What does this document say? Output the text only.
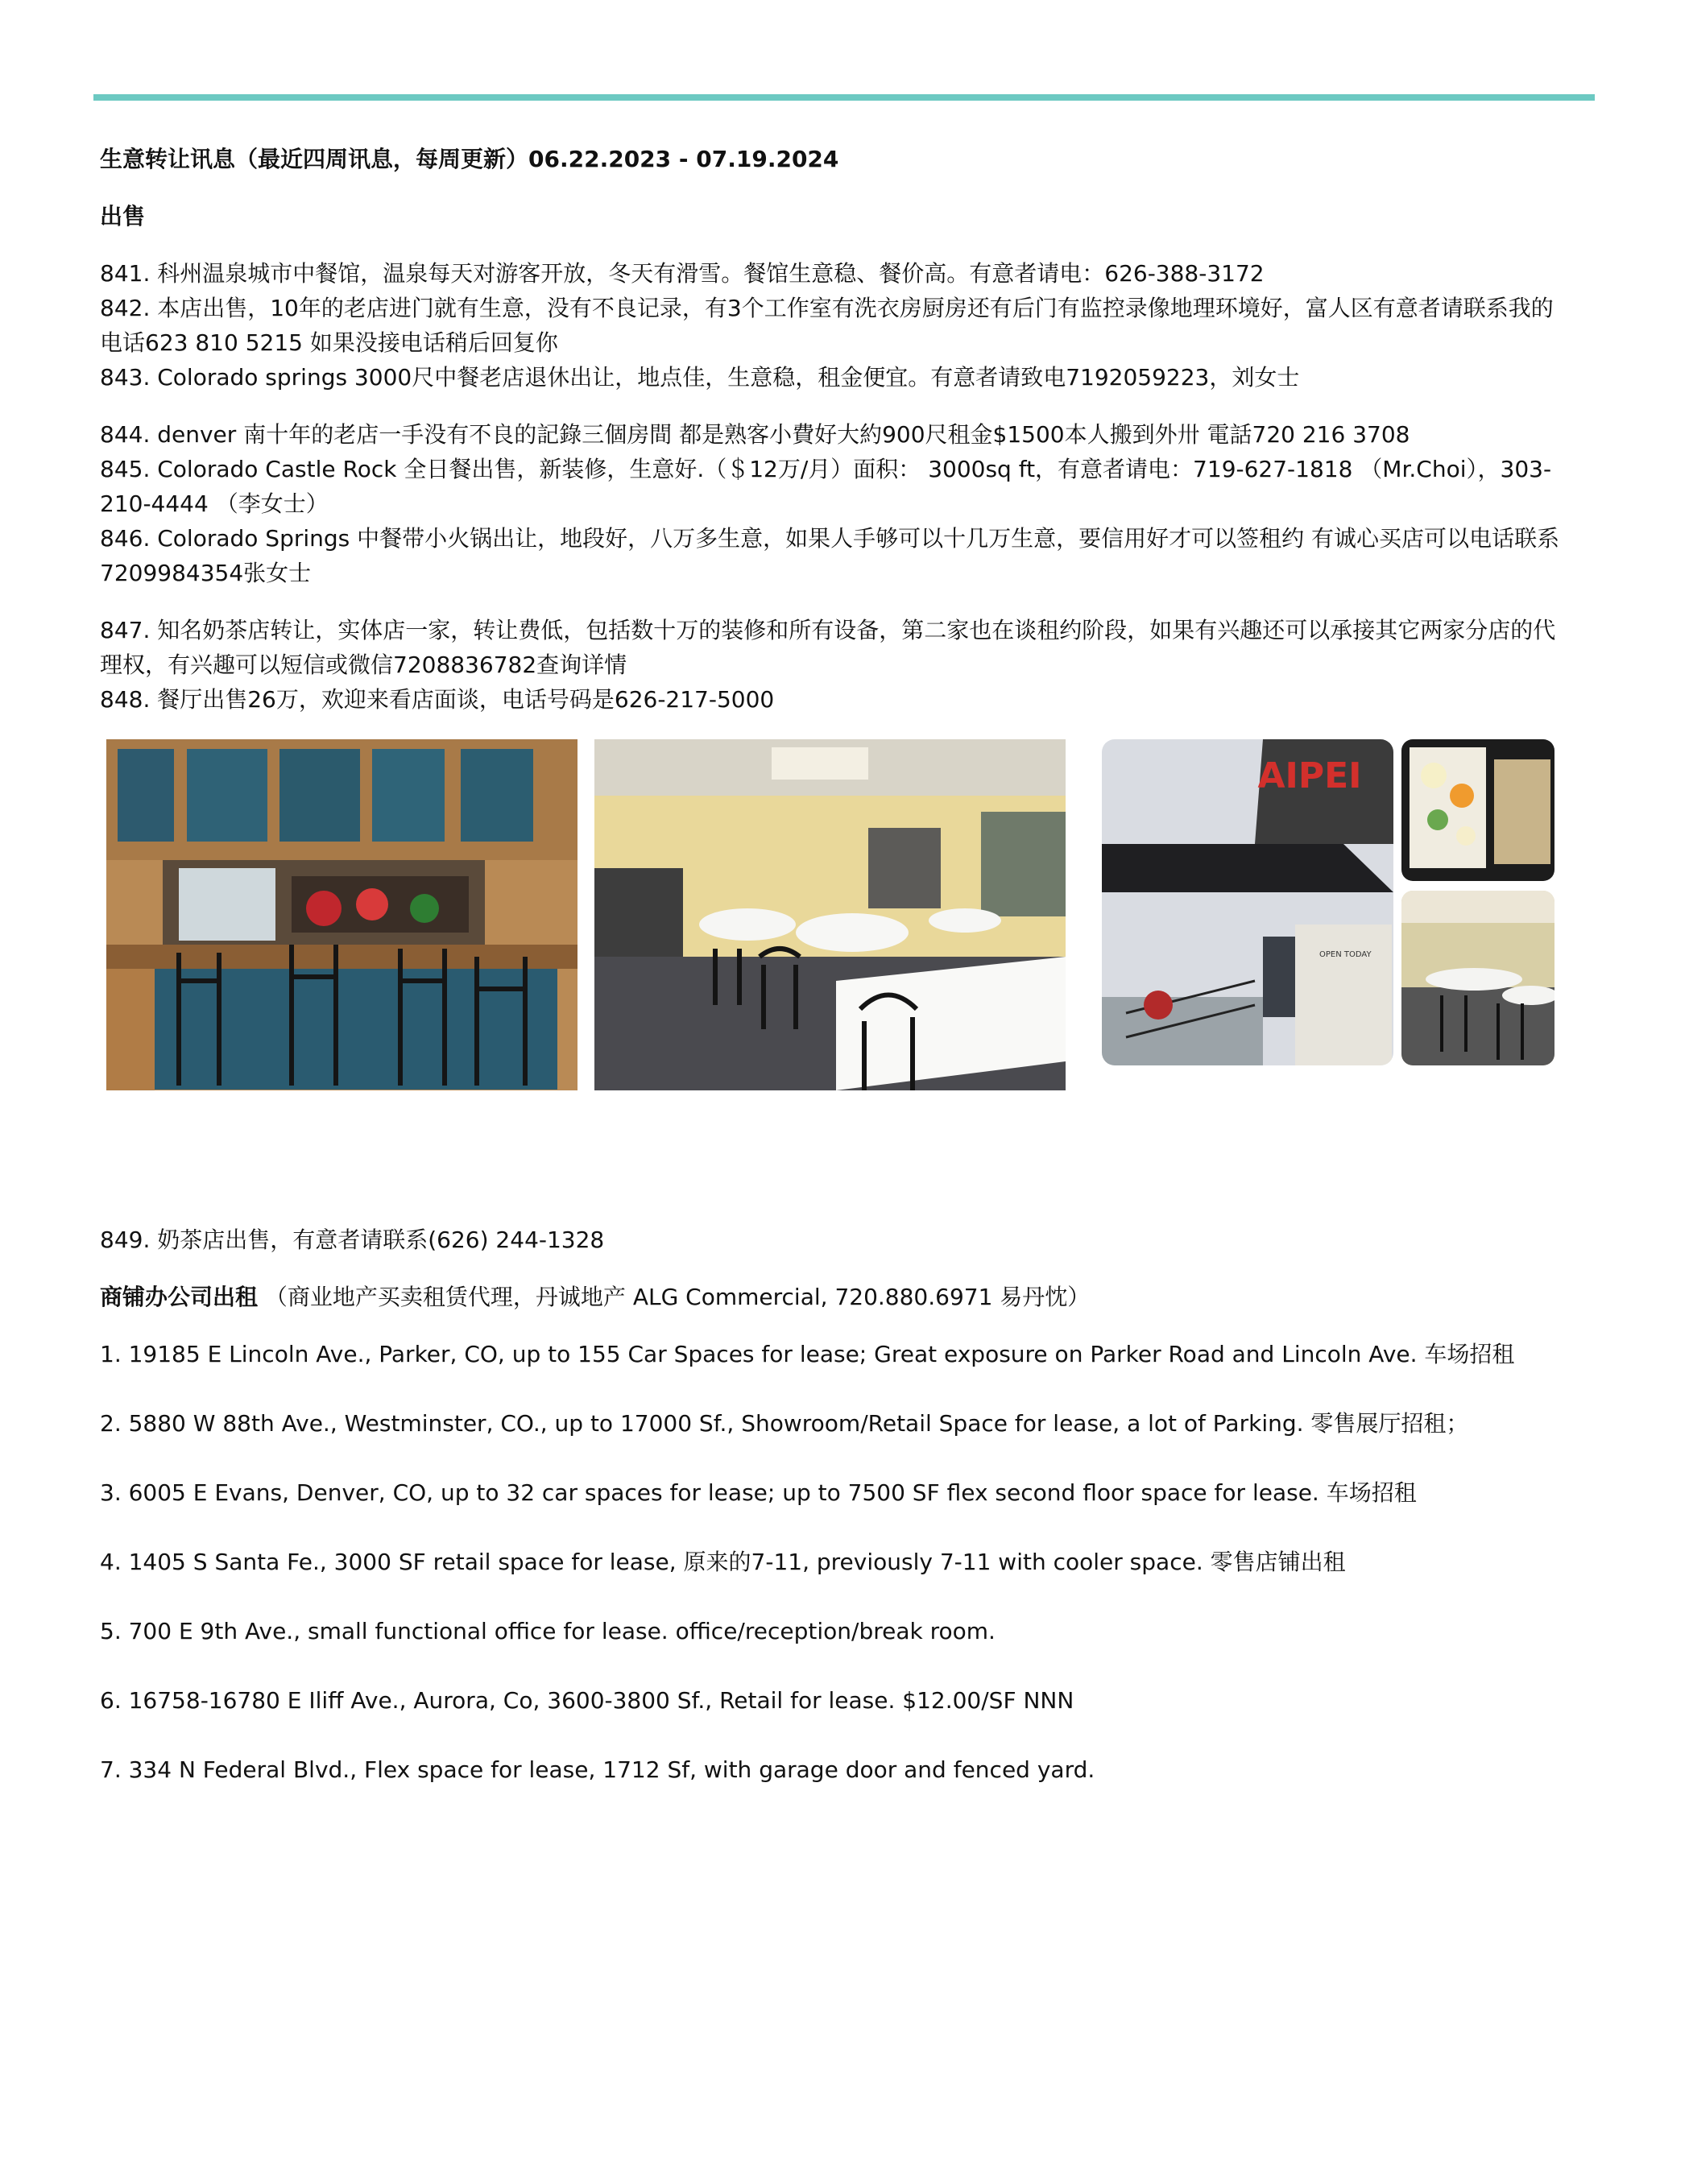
生意转让讯息（最近四周讯息，每周更新）06.22.2023 - 07.19.2024

出售

841. 科州温泉城市中餐馆，温泉每天对游客开放，冬天有滑雪。餐馆生意稳、餐价高。有意者请电：626-388-3172

842. 本店出售，10年的老店进门就有生意，没有不良记录，有3个工作室有洗衣房厨房还有后门有监控录像地理环境好，富人区有意者请联系我的电话623 810 5215 如果没接电话稍后回复你

843. Colorado springs 3000尺中餐老店退休出让，地点佳，生意稳，租金便宜。有意者请致电7192059223，刘女士

844. denver 南十年的老店一手没有不良的記錄三個房間 都是熟客小費好大約900尺租金$1500本人搬到外卅 電話720 216 3708

845. Colorado Castle Rock 全日餐出售，新装修，生意好.（＄12万/月）面积： 3000sq ft，有意者请电：719-627-1818 （Mr.Choi），303-210-4444 （李女士）

846. Colorado Springs 中餐带小火锅出让，地段好，八万多生意，如果人手够可以十几万生意，要信用好才可以签租约 有诚心买店可以电话联系 7209984354张女士

847. 知名奶茶店转让，实体店一家，转让费低，包括数十万的装修和所有设备，第二家也在谈租约阶段，如果有兴趣还可以承接其它两家分店的代理权，有兴趣可以短信或微信7208836782查询详情

848. 餐厅出售26万，欢迎来看店面谈，电话号码是626-217-5000

AIPEI
OPEN TODAY

849. 奶茶店出售，有意者请联系(626) 244-1328

商铺办公司出租 （商业地产买卖租赁代理，丹诚地产 ALG Commercial, 720.880.6971 易丹忱）

1. 19185 E Lincoln Ave., Parker, CO, up to 155 Car Spaces for lease; Great exposure on Parker Road and Lincoln Ave. 车场招租

2. 5880 W 88th Ave., Westminster, CO., up to 17000 Sf., Showroom/Retail Space for lease, a lot of Parking. 零售展厅招租；

3. 6005 E Evans, Denver, CO, up to 32 car spaces for lease; up to 7500 SF flex second floor space for lease. 车场招租

4. 1405 S Santa Fe., 3000 SF retail space for lease, 原来的7-11, previously 7-11 with cooler space. 零售店铺出租

5. 700 E 9th Ave., small functional office for lease. office/reception/break room.

6. 16758-16780 E Iliff Ave., Aurora, Co, 3600-3800 Sf., Retail for lease. $12.00/SF NNN

7. 334 N Federal Blvd., Flex space for lease, 1712 Sf, with garage door and fenced yard.
